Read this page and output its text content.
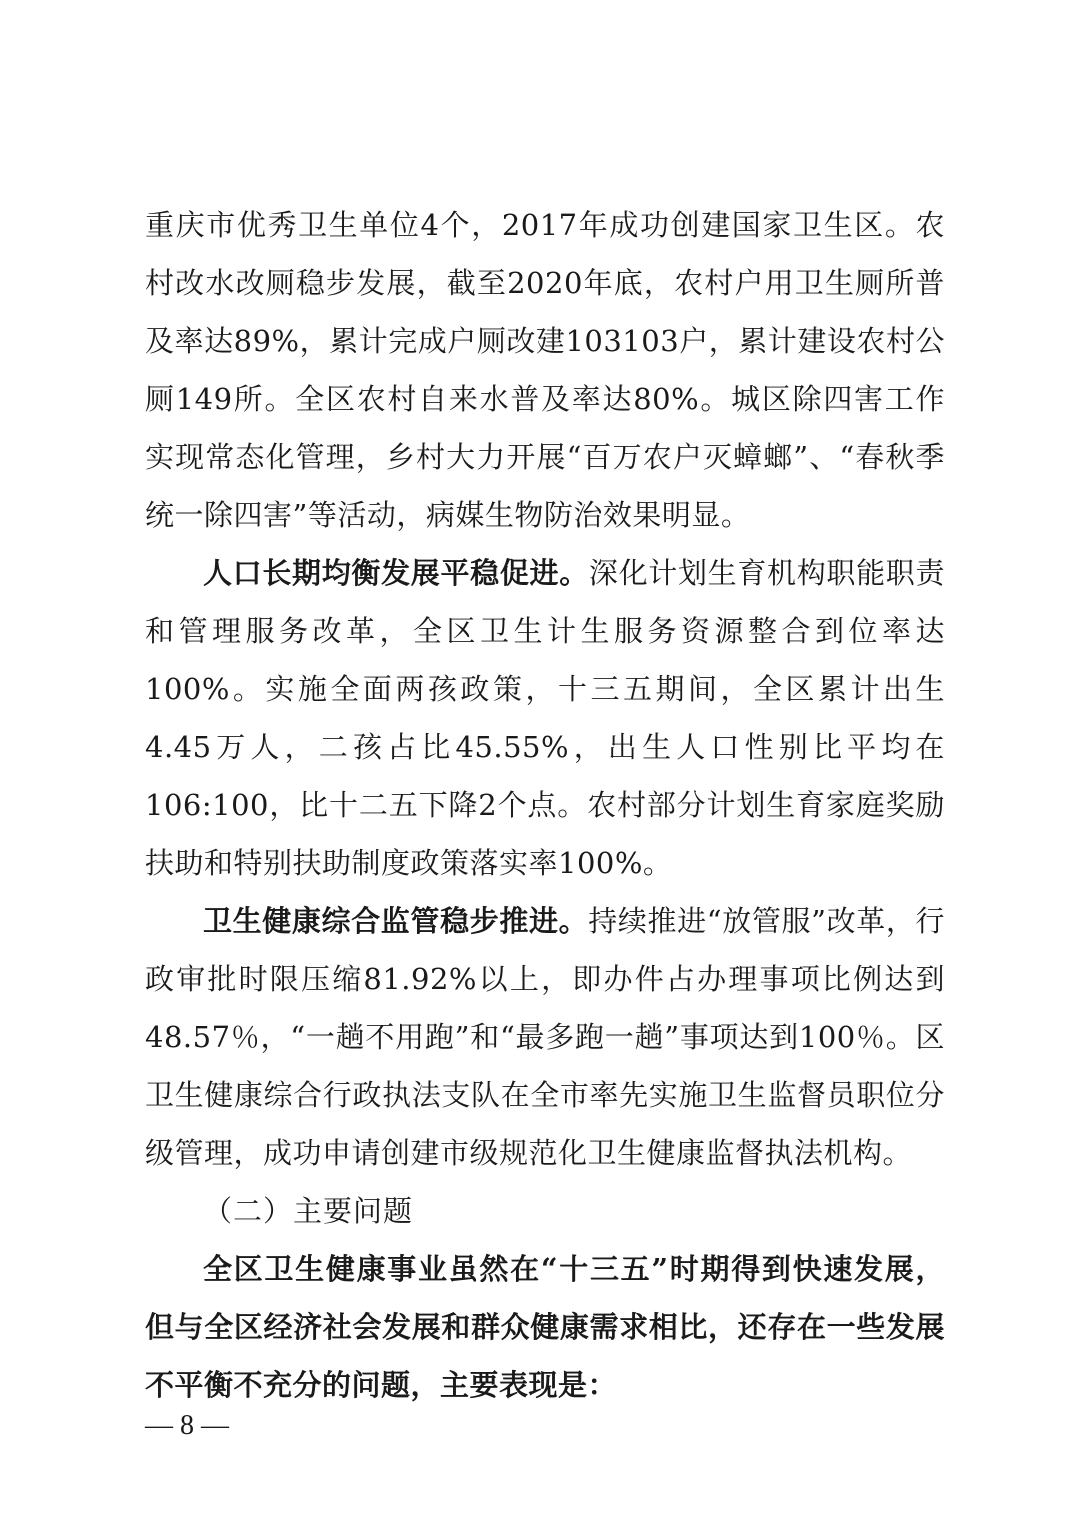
重庆市优秀卫生单位4个，2017年成功创建国家卫生区。农村改水改厕稳步发展，截至2020年底，农村户用卫生厕所普及率达89%，累计完成户厕改建103103户，累计建设农村公厕149所。全区农村自来水普及率达80%。城区除四害工作实现常态化管理，乡村大力开展“百万农户灭蟑螂”、“春秋季统一除四害”等活动，病媒生物防治效果明显。

人口长期均衡发展平稳促进。深化计划生育机构职能职责和管理服务改革，全区卫生计生服务资源整合到位率达100%。实施全面两孩政策，十三五期间，全区累计出生4.45万人，二孩占比45.55%，出生人口性别比平均在106:100，比十二五下降2个点。农村部分计划生育家庭奖励扶助和特别扶助制度政策落实率100%。

卫生健康综合监管稳步推进。持续推进“放管服”改革，行政审批时限压缩81.92%以上，即办件占办理事项比例达到48.57％，“一趟不用跑”和“最多跑一趟”事项达到100％。区卫生健康综合行政执法支队在全市率先实施卫生监督员职位分级管理，成功申请创建市级规范化卫生健康监督执法机构。

（二）主要问题

全区卫生健康事业虽然在“十三五”时期得到快速发展，但与全区经济社会发展和群众健康需求相比，还存在一些发展不平衡不充分的问题，主要表现是：

— 8 —
